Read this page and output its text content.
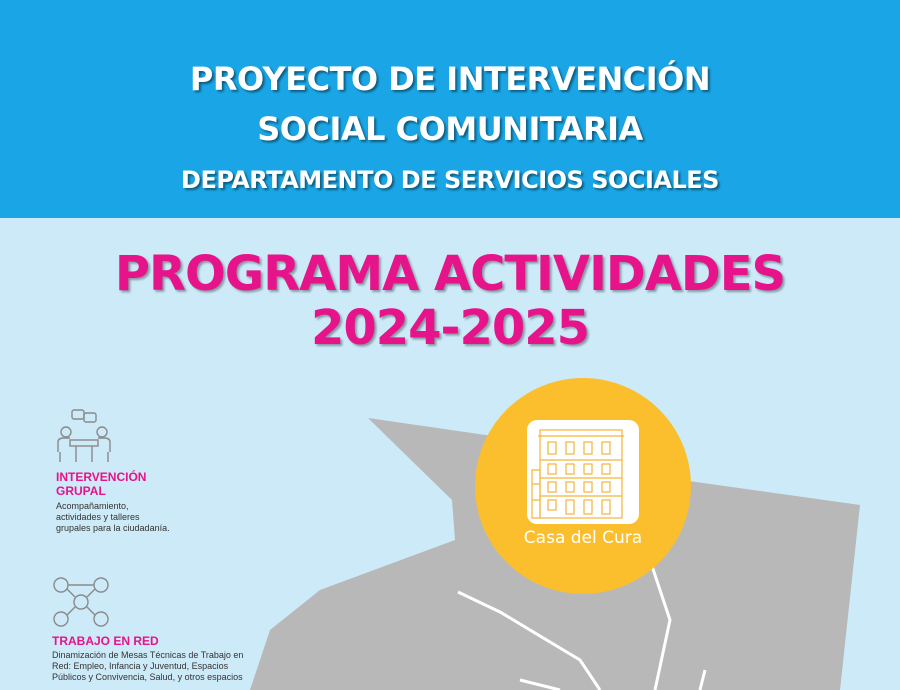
PROYECTO DE INTERVENCIÓN
SOCIAL COMUNITARIA
DEPARTAMENTO DE SERVICIOS SOCIALES
PROGRAMA ACTIVIDADES
2024-2025
Casa del Cura
INTERVENCIÓN
GRUPAL
Acompañamiento,
actividades y talleres
grupales para la ciudadanía.
TRABAJO EN RED
Dinamización de Mesas Técnicas de Trabajo en
Red: Empleo, Infancia y Juventud, Espacios
Públicos y Convivencia, Salud, y otros espacios
